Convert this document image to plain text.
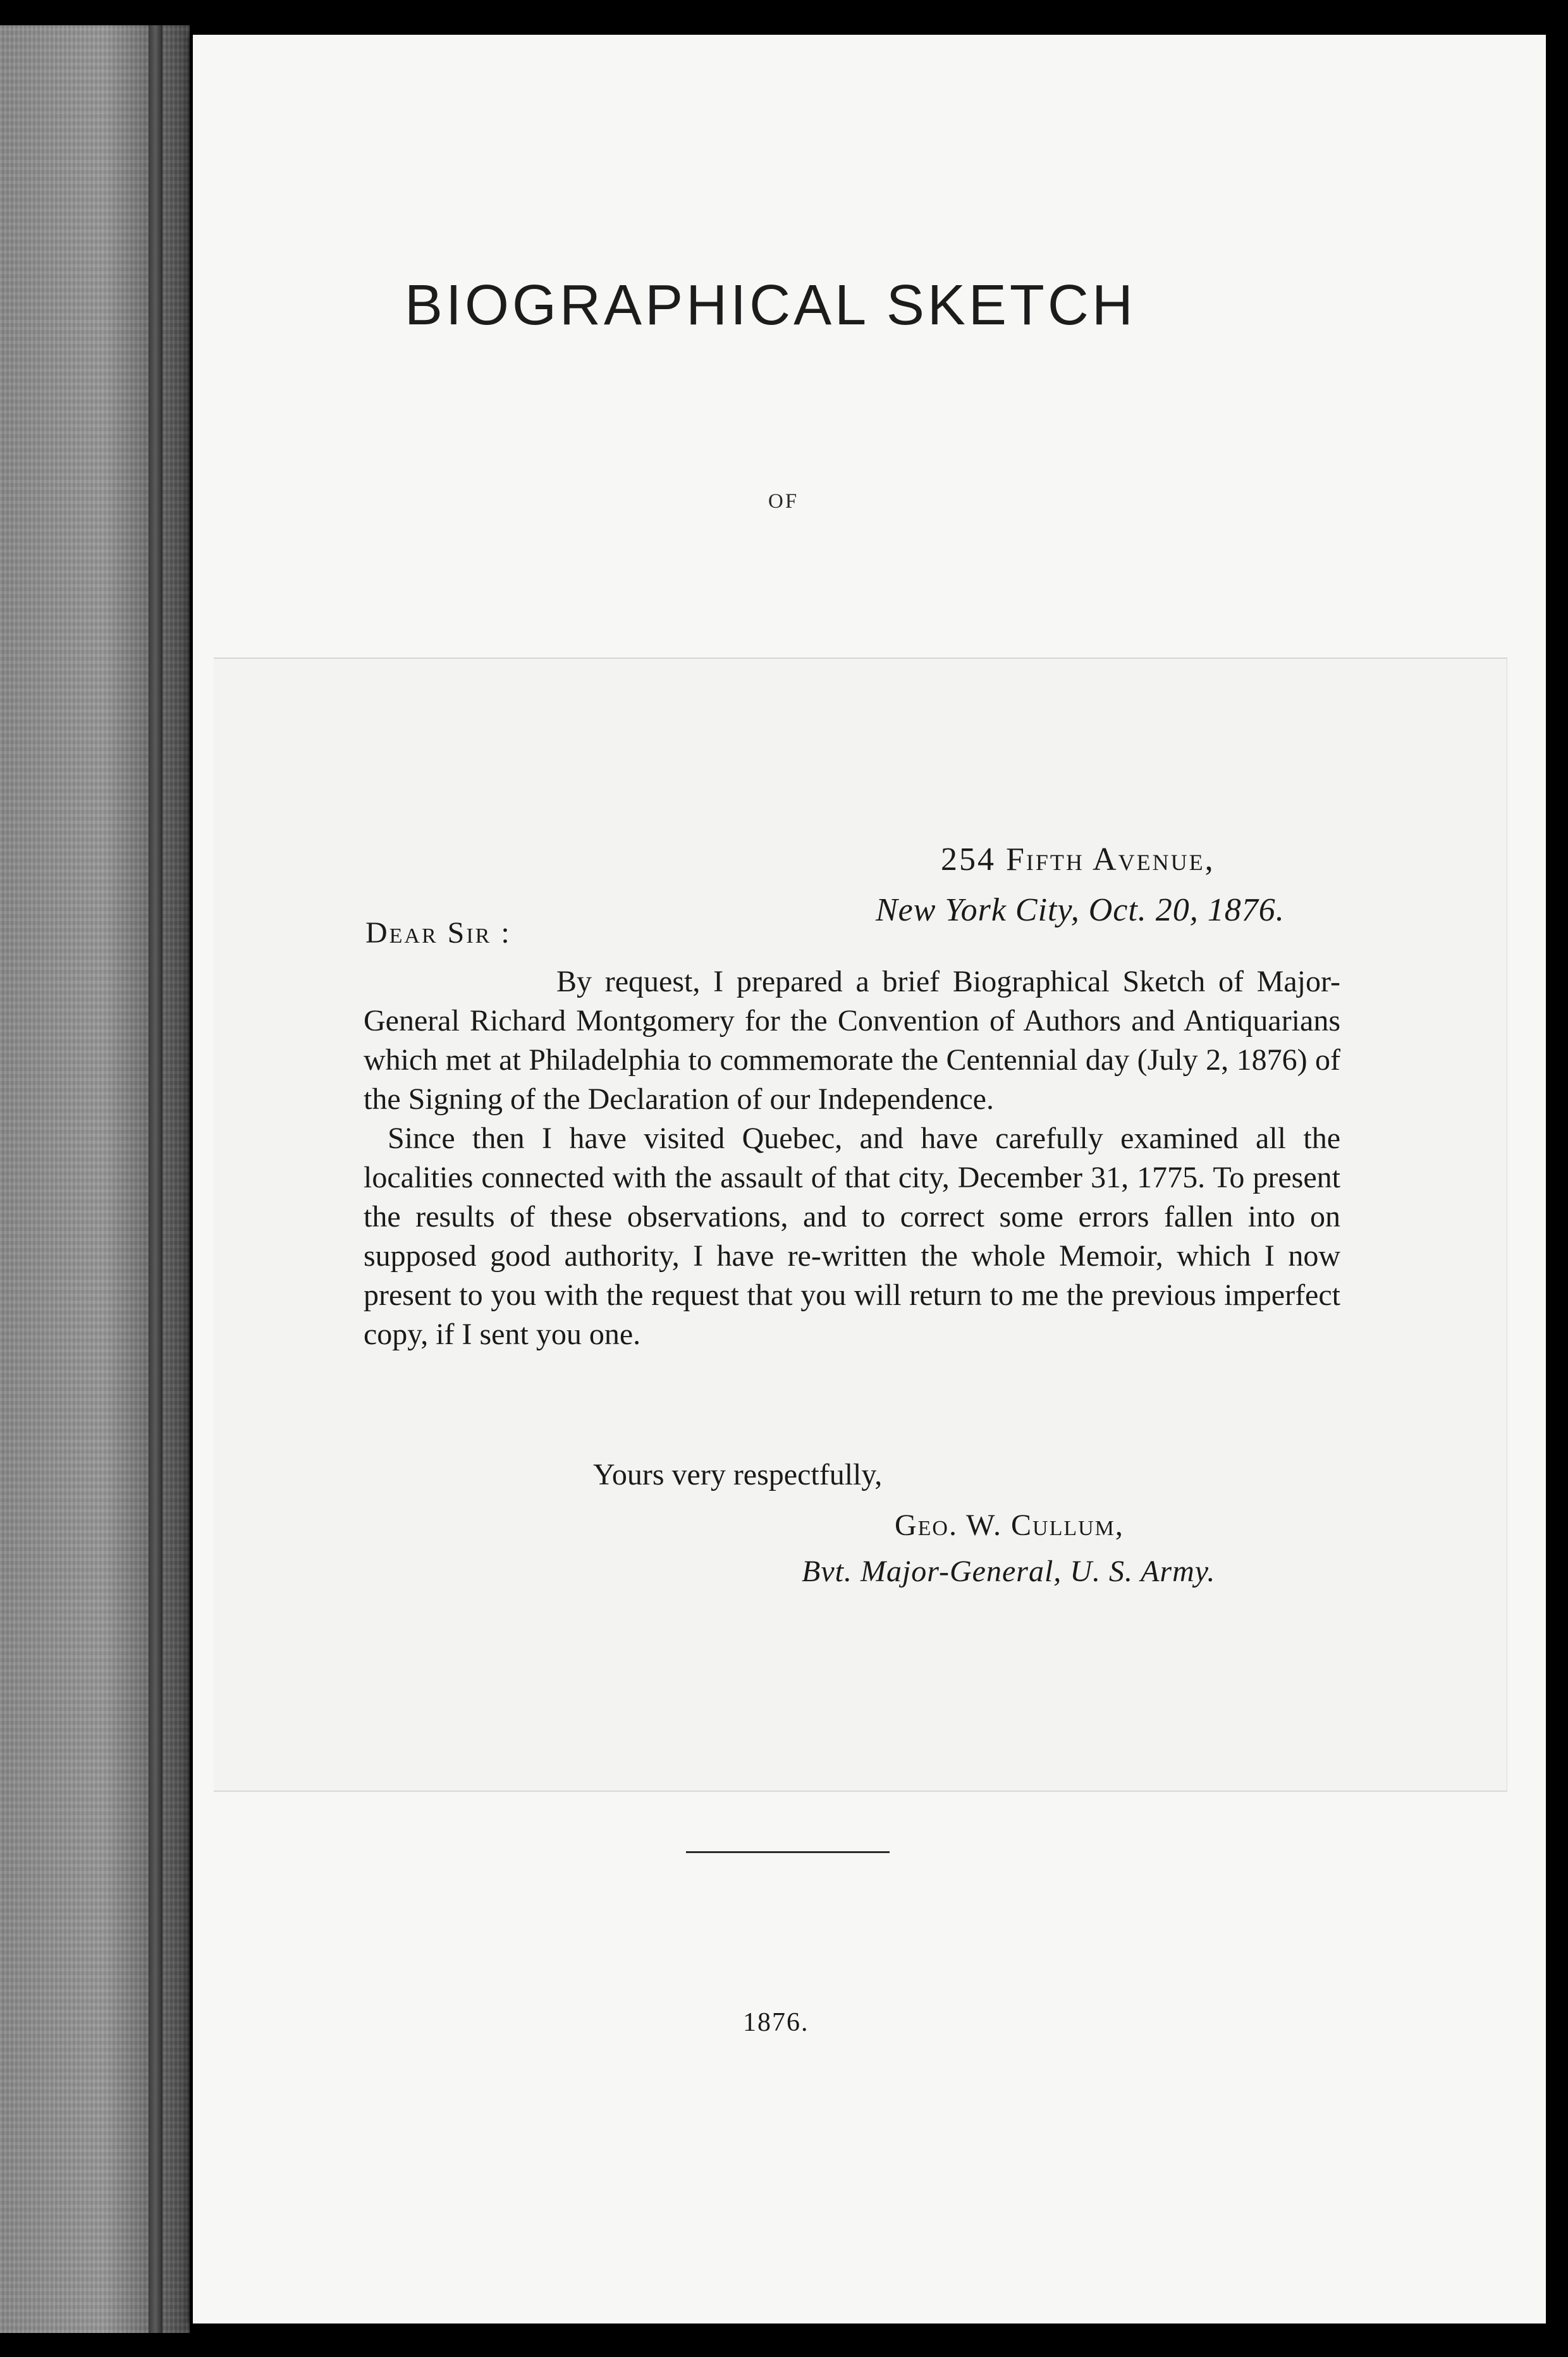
BIOGRAPHICAL SKETCH
OF
254 Fifth Avenue,
New York City, Oct. 20, 1876.
Dear Sir :

By request, I prepared a brief Biographical Sketch of Major-General Richard Montgomery for the Convention of Authors and Antiquarians which met at Philadelphia to commemorate the Centennial day (July 2, 1876) of the Signing of the Declaration of our Independence.

Since then I have visited Quebec, and have carefully examined all the localities connected with the assault of that city, December 31, 1775. To present the results of these observations, and to correct some errors fallen into on supposed good authority, I have re-written the whole Memoir, which I now present to you with the request that you will return to me the previous imperfect copy, if I sent you one.

Yours very respectfully,
Geo. W. Cullum,
Bvt. Major-General, U. S. Army.
1876.
